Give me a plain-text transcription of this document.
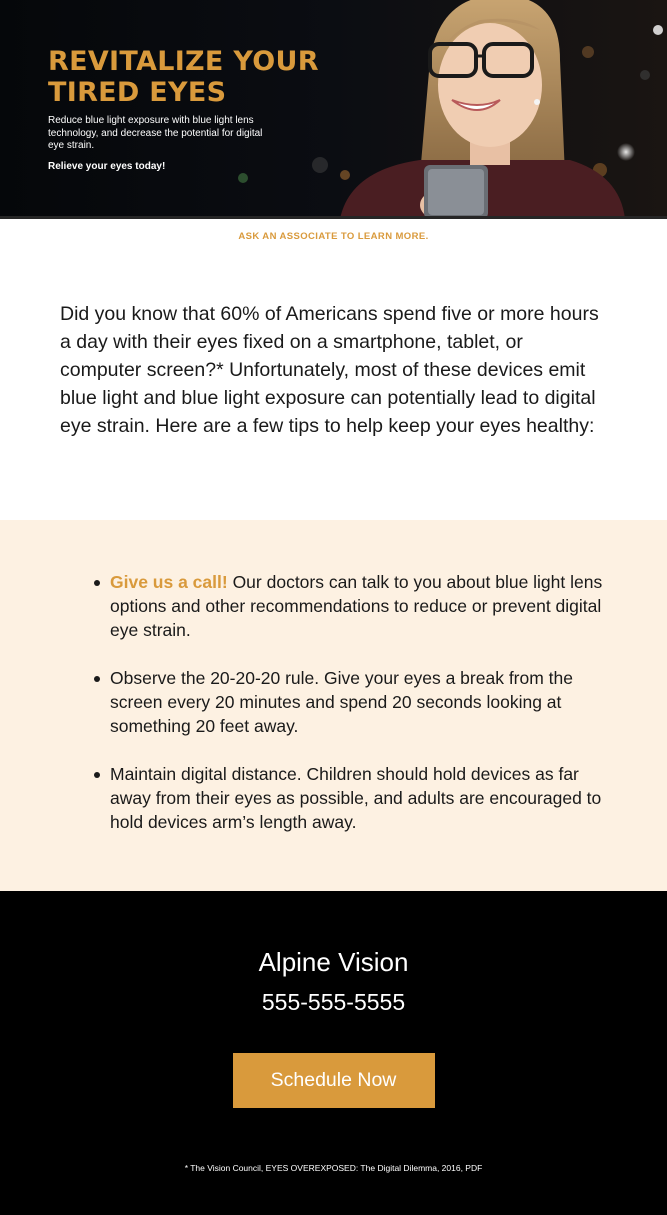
REVITALIZE YOUR
TIRED EYES

Reduce blue light exposure with blue light lens technology, and decrease the potential for digital eye strain.

Relieve your eyes today!

ASK AN ASSOCIATE TO LEARN MORE.

Did you know that 60% of Americans spend five or more hours a day with their eyes fixed on a smartphone, tablet, or computer screen?* Unfortunately, most of these devices emit blue light and blue light exposure can potentially lead to digital eye strain. Here are a few tips to help keep your eyes healthy:

Give us a call! Our doctors can talk to you about blue light lens options and other recommendations to reduce or prevent digital eye strain.
Observe the 20-20-20 rule. Give your eyes a break from the screen every 20 minutes and spend 20 seconds looking at something 20 feet away.
Maintain digital distance. Children should hold devices as far away from their eyes as possible, and adults are encouraged to hold devices arm’s length away.
Alpine Vision
555-555-5555
Schedule Now
* The Vision Council, EYES OVEREXPOSED: The Digital Dilemma, 2016, PDF
